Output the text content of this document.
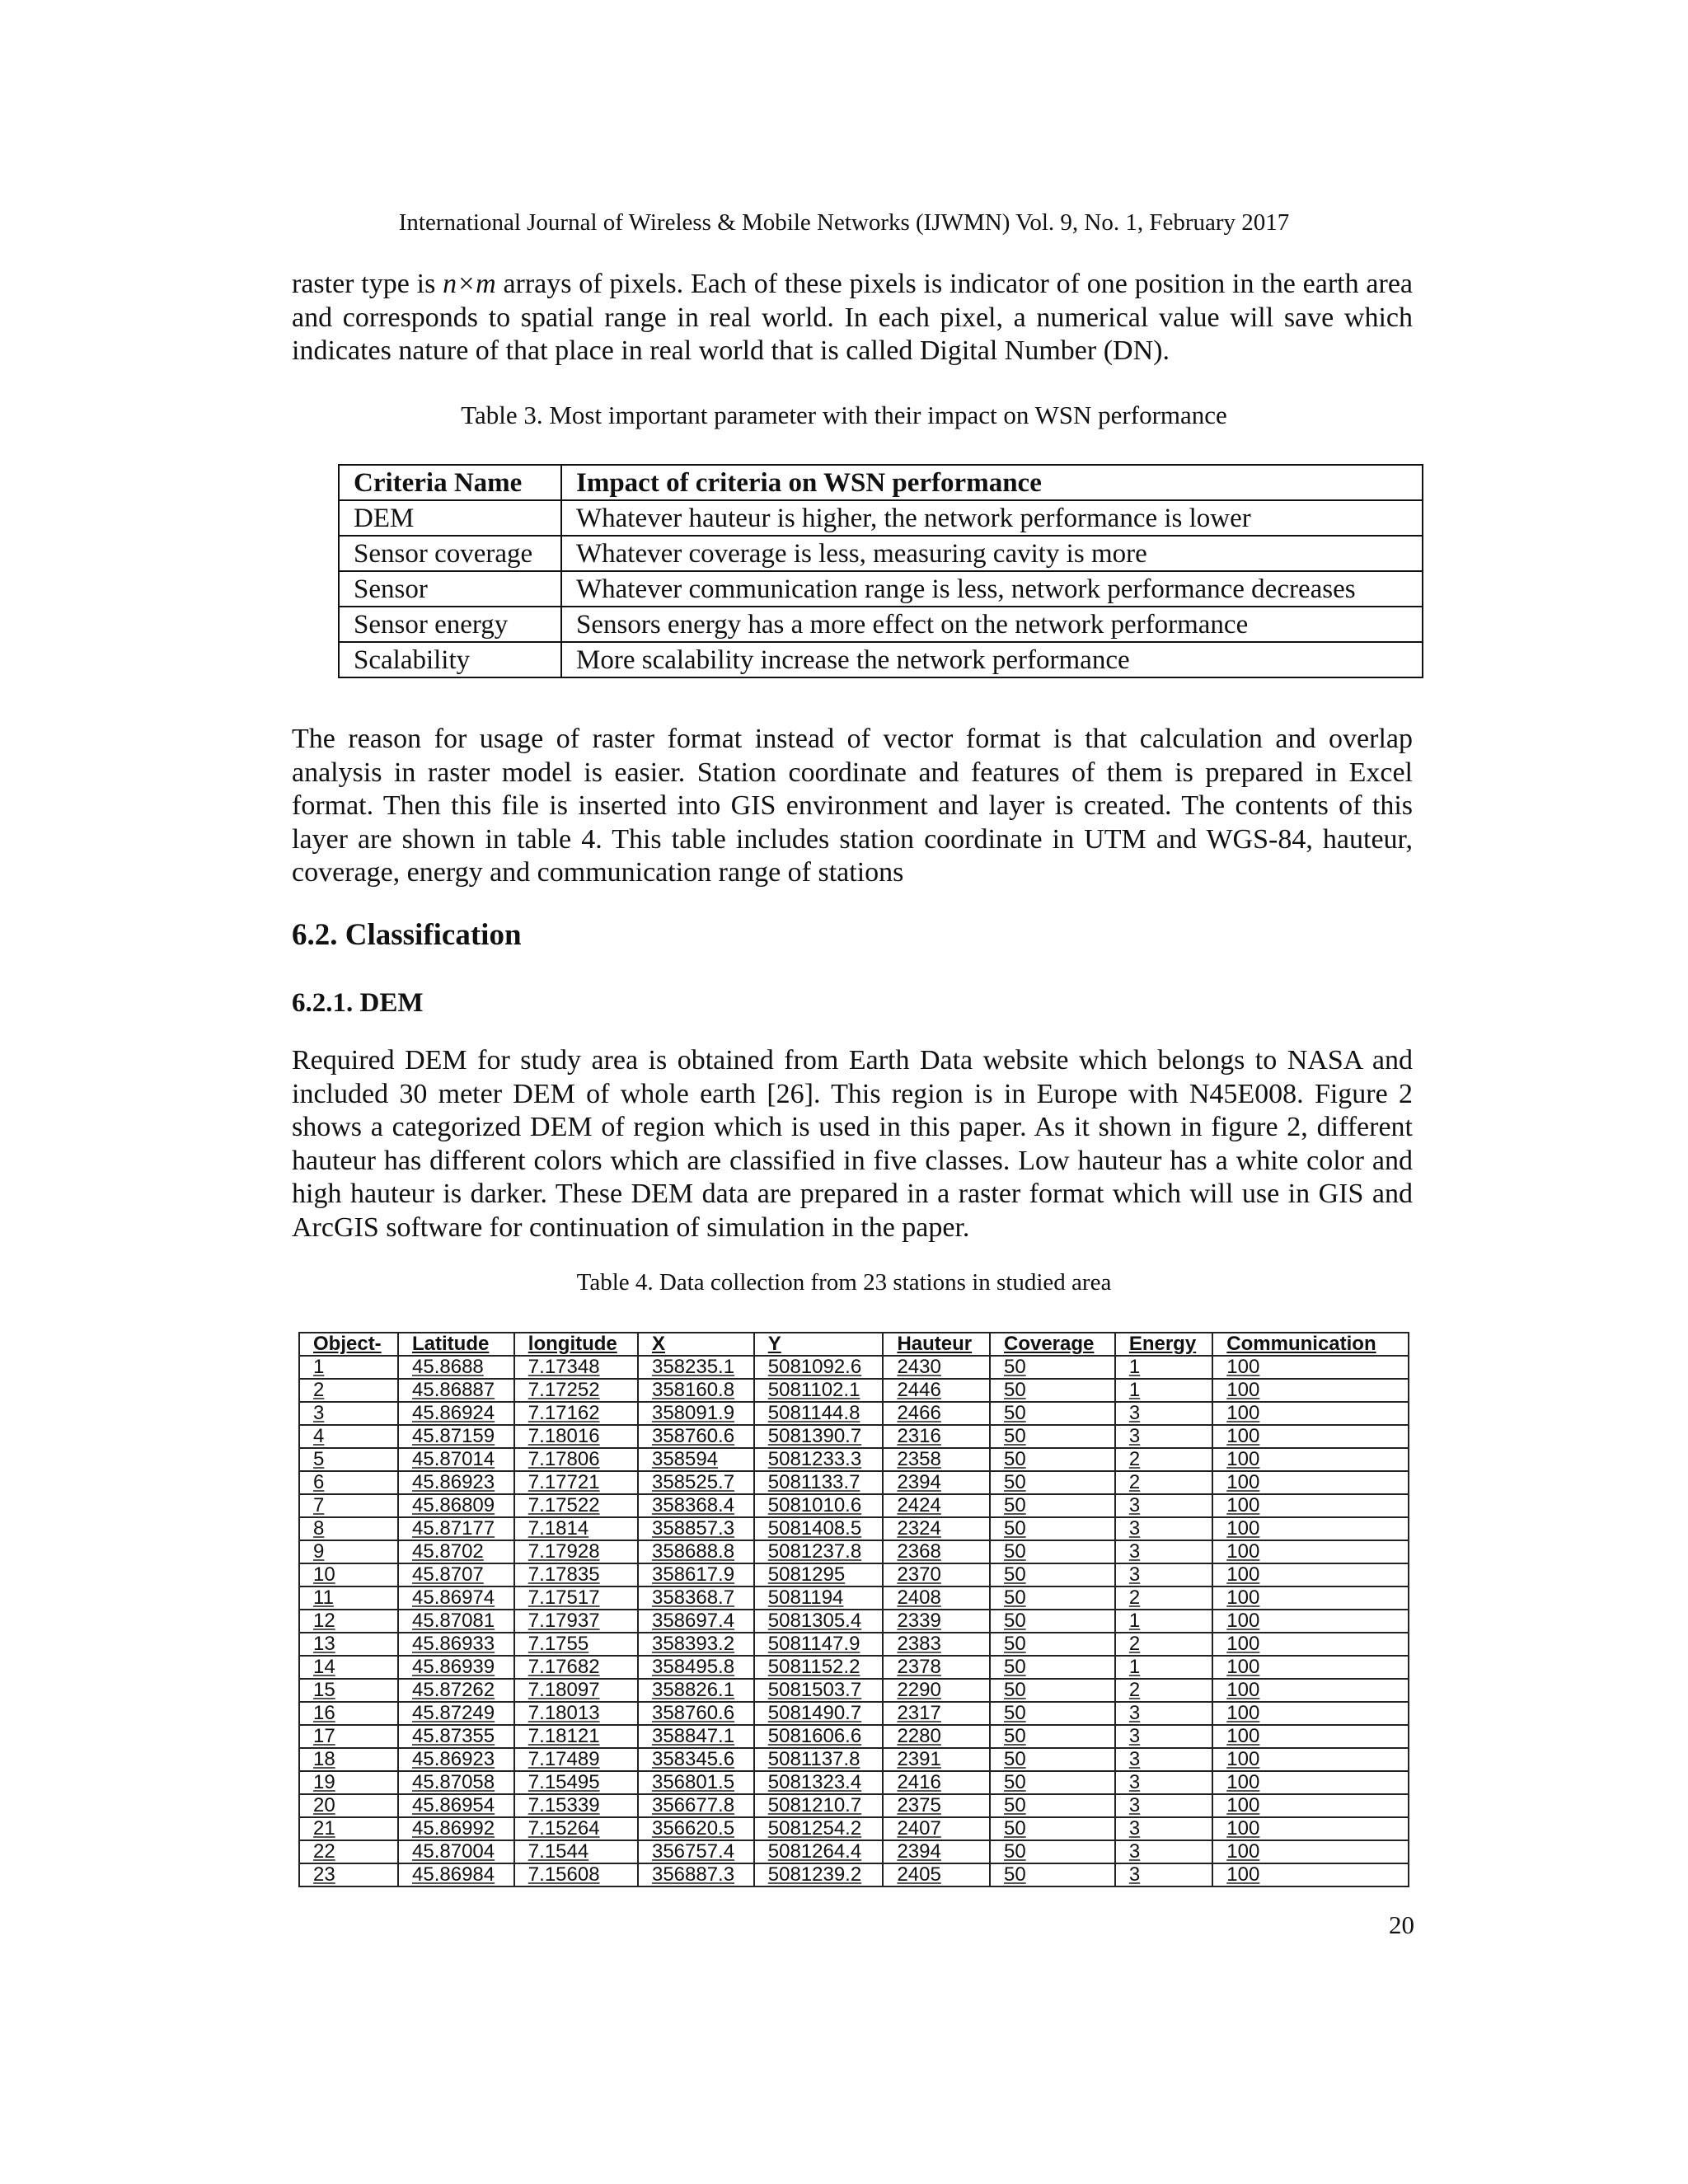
International Journal of Wireless & Mobile Networks (IJWMN) Vol. 9, No. 1, February 2017

raster type is n×m arrays of pixels. Each of these pixels is indicator of one position in the earth area and corresponds to spatial range in real world. In each pixel, a numerical value will save which indicates nature of that place in real world that is called Digital Number (DN).

Table 3. Most important parameter with their impact on WSN performance
Criteria Name	Impact of criteria on WSN performance
DEM	Whatever hauteur is higher, the network performance is lower
Sensor coverage	Whatever coverage is less, measuring cavity is more
Sensor	Whatever communication range is less, network performance decreases
Sensor energy	Sensors energy has a more effect on the network performance
Scalability	More scalability increase the network performance

The reason for usage of raster format instead of vector format is that calculation and overlap analysis in raster model is easier. Station coordinate and features of them is prepared in Excel format. Then this file is inserted into GIS environment and layer is created. The contents of this layer are shown in table 4. This table includes station coordinate in UTM and WGS-84, hauteur, coverage, energy and communication range of stations

6.2. Classification
6.2.1. DEM

Required DEM for study area is obtained from Earth Data website which belongs to NASA and included 30 meter DEM of whole earth [26]. This region is in Europe with N45E008. Figure 2 shows a categorized DEM of region which is used in this paper. As it shown in figure 2, different hauteur has different colors which are classified in five classes. Low hauteur has a white color and high hauteur is darker. These DEM data are prepared in a raster format which will use in GIS and ArcGIS software for continuation of simulation in the paper.

Table 4. Data collection from 23 stations in studied area
Object-	Latitude	longitude	X	Y	Hauteur	Coverage	Energy	Communication
1	45.8688	7.17348	358235.1	5081092.6	2430	50	1	100
2	45.86887	7.17252	358160.8	5081102.1	2446	50	1	100
3	45.86924	7.17162	358091.9	5081144.8	2466	50	3	100
4	45.87159	7.18016	358760.6	5081390.7	2316	50	3	100
5	45.87014	7.17806	358594	5081233.3	2358	50	2	100
6	45.86923	7.17721	358525.7	5081133.7	2394	50	2	100
7	45.86809	7.17522	358368.4	5081010.6	2424	50	3	100
8	45.87177	7.1814	358857.3	5081408.5	2324	50	3	100
9	45.8702	7.17928	358688.8	5081237.8	2368	50	3	100
10	45.8707	7.17835	358617.9	5081295	2370	50	3	100
11	45.86974	7.17517	358368.7	5081194	2408	50	2	100
12	45.87081	7.17937	358697.4	5081305.4	2339	50	1	100
13	45.86933	7.1755	358393.2	5081147.9	2383	50	2	100
14	45.86939	7.17682	358495.8	5081152.2	2378	50	1	100
15	45.87262	7.18097	358826.1	5081503.7	2290	50	2	100
16	45.87249	7.18013	358760.6	5081490.7	2317	50	3	100
17	45.87355	7.18121	358847.1	5081606.6	2280	50	3	100
18	45.86923	7.17489	358345.6	5081137.8	2391	50	3	100
19	45.87058	7.15495	356801.5	5081323.4	2416	50	3	100
20	45.86954	7.15339	356677.8	5081210.7	2375	50	3	100
21	45.86992	7.15264	356620.5	5081254.2	2407	50	3	100
22	45.87004	7.1544	356757.4	5081264.4	2394	50	3	100
23	45.86984	7.15608	356887.3	5081239.2	2405	50	3	100
20
